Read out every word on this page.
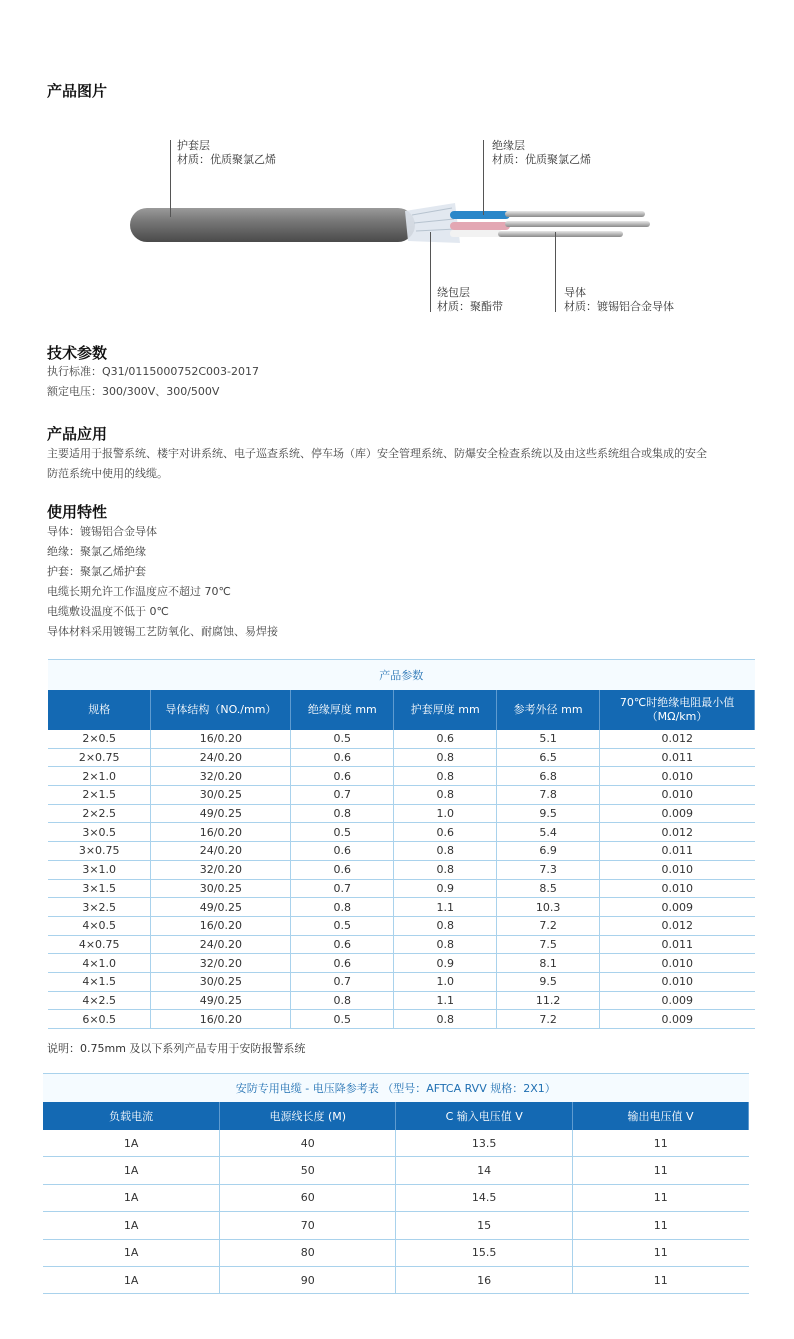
产品图片
护套层
材质：优质聚氯乙烯
绝缘层
材质：优质聚氯乙烯
绕包层
材质：聚酯带
导体
材质：镀锡铝合金导体
技术参数
执行标准：Q31/0115000752C003-2017
额定电压：300/300V、300/500V
产品应用
主要适用于报警系统、楼宇对讲系统、电子巡查系统、停车场（库）安全管理系统、防爆安全检查系统以及由这些系统组合或集成的安全
防范系统中使用的线缆。
使用特性
导体：镀锡铝合金导体
绝缘：聚氯乙烯绝缘
护套：聚氯乙烯护套
电缆长期允许工作温度应不超过 70℃
电缆敷设温度不低于 0℃
导体材料采用镀锡工艺防氧化、耐腐蚀、易焊接
产品参数					
规格	导体结构（NO./mm）	绝缘厚度 mm	护套厚度 mm	参考外径 mm	70℃时绝缘电阻最小值
（MΩ/km）

2×0.5	16/0.20	0.5	0.6	5.1	0.012
2×0.75	24/0.20	0.6	0.8	6.5	0.011
2×1.0	32/0.20	0.6	0.8	6.8	0.010
2×1.5	30/0.25	0.7	0.8	7.8	0.010
2×2.5	49/0.25	0.8	1.0	9.5	0.009
3×0.5	16/0.20	0.5	0.6	5.4	0.012
3×0.75	24/0.20	0.6	0.8	6.9	0.011
3×1.0	32/0.20	0.6	0.8	7.3	0.010
3×1.5	30/0.25	0.7	0.9	8.5	0.010
3×2.5	49/0.25	0.8	1.1	10.3	0.009
4×0.5	16/0.20	0.5	0.8	7.2	0.012
4×0.75	24/0.20	0.6	0.8	7.5	0.011
4×1.0	32/0.20	0.6	0.9	8.1	0.010
4×1.5	30/0.25	0.7	1.0	9.5	0.010
4×2.5	49/0.25	0.8	1.1	11.2	0.009
6×0.5	16/0.20	0.5	0.8	7.2	0.009
说明：0.75mm 及以下系列产品专用于安防报警系统
安防专用电缆 - 电压降参考表 （型号：AFTCA RVV 规格：2X1）			
负载电流	电源线长度 (M)	C 输入电压值 V	输出电压值 V
1A	40	13.5	11
1A	50	14	11
1A	60	14.5	11
1A	70	15	11
1A	80	15.5	11
1A	90	16	11
